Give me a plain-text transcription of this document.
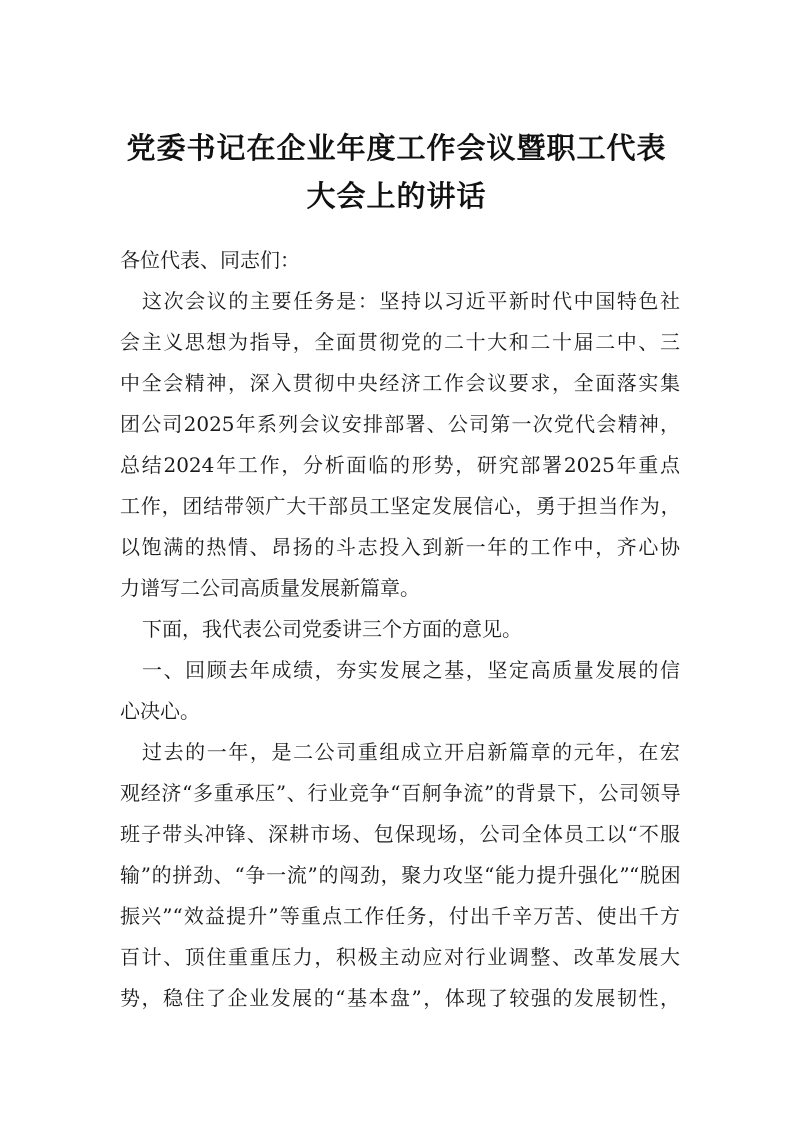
党委书记在企业年度工作会议暨职工代表
大会上的讲话
各位代表、同志们：
这次会议的主要任务是：坚持以习近平新时代中国特色社
会主义思想为指导，全面贯彻党的二十大和二十届二中、三
中全会精神，深入贯彻中央经济工作会议要求，全面落实集
团公司2025年系列会议安排部署、公司第一次党代会精神，
总结2024年工作，分析面临的形势，研究部署2025年重点
工作，团结带领广大干部员工坚定发展信心，勇于担当作为，
以饱满的热情、昂扬的斗志投入到新一年的工作中，齐心协
力谱写二公司高质量发展新篇章。
下面，我代表公司党委讲三个方面的意见。
一、回顾去年成绩，夯实发展之基，坚定高质量发展的信
心决心。
过去的一年，是二公司重组成立开启新篇章的元年，在宏
观经济“多重承压”、行业竞争“百舸争流”的背景下，公司领导
班子带头冲锋、深耕市场、包保现场，公司全体员工以“不服
输”的拼劲、“争一流”的闯劲，聚力攻坚“能力提升强化”“脱困
振兴”“效益提升”等重点工作任务，付出千辛万苦、使出千方
百计、顶住重重压力，积极主动应对行业调整、改革发展大
势，稳住了企业发展的“基本盘”，体现了较强的发展韧性，
